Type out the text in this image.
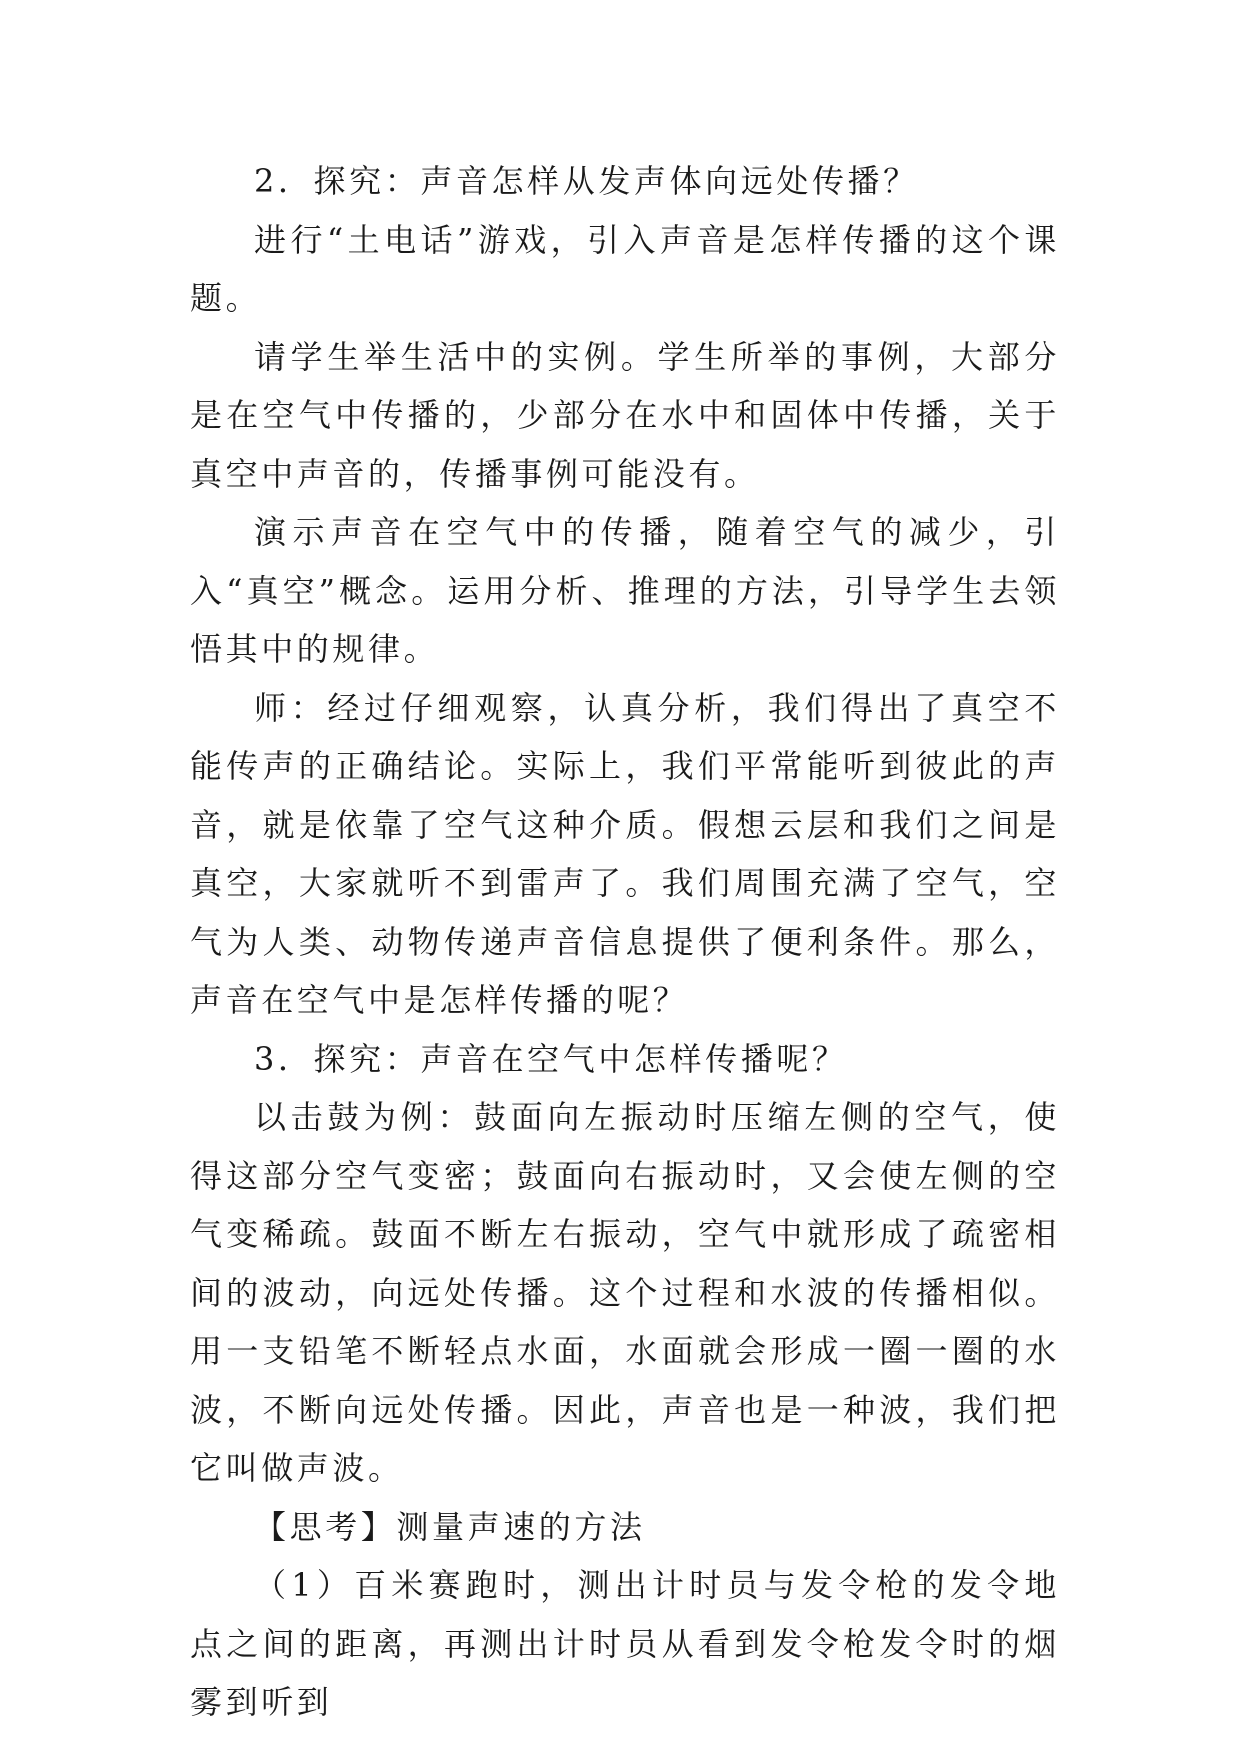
2．探究：声音怎样从发声体向远处传播？

进行“土电话”游戏，引入声音是怎样传播的这个课题。

请学生举生活中的实例。学生所举的事例，大部分是在空气中传播的，少部分在水中和固体中传播，关于真空中声音的，传播事例可能没有。

演示声音在空气中的传播，随着空气的减少，引入“真空”概念。运用分析、推理的方法，引导学生去领悟其中的规律。

师：经过仔细观察，认真分析，我们得出了真空不能传声的正确结论。实际上，我们平常能听到彼此的声音，就是依靠了空气这种介质。假想云层和我们之间是真空，大家就听不到雷声了。我们周围充满了空气，空气为人类、动物传递声音信息提供了便利条件。那么，声音在空气中是怎样传播的呢？

3．探究：声音在空气中怎样传播呢？

以击鼓为例：鼓面向左振动时压缩左侧的空气，使得这部分空气变密；鼓面向右振动时，又会使左侧的空气变稀疏。鼓面不断左右振动，空气中就形成了疏密相间的波动，向远处传播。这个过程和水波的传播相似。用一支铅笔不断轻点水面，水面就会形成一圈一圈的水波，不断向远处传播。因此，声音也是一种波，我们把它叫做声波。

【思考】测量声速的方法

（1）百米赛跑时，测出计时员与发令枪的发令地点之间的距离，再测出计时员从看到发令枪发令时的烟雾到听到
